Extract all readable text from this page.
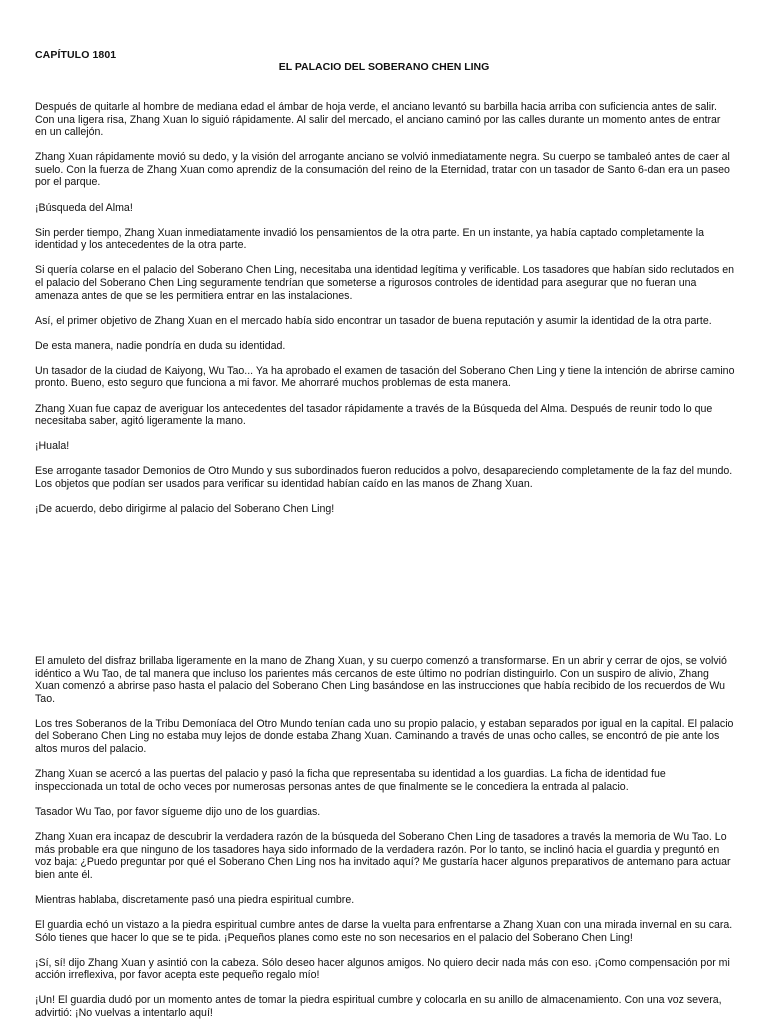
CAPÍTULO 1801
EL PALACIO DEL SOBERANO CHEN LING

Después de quitarle al hombre de mediana edad el ámbar de hoja verde, el anciano levantó su barbilla hacia arriba con suficiencia antes de salir. Con una ligera risa, Zhang Xuan lo siguió rápidamente. Al salir del mercado, el anciano caminó por las calles durante un momento antes de entrar en un callejón.

Zhang Xuan rápidamente movió su dedo, y la visión del arrogante anciano se volvió inmediatamente negra. Su cuerpo se tambaleó antes de caer al suelo. Con la fuerza de Zhang Xuan como aprendiz de la consumación del reino de la Eternidad, tratar con un tasador de Santo 6-dan era un paseo por el parque.

¡Búsqueda del Alma!

Sin perder tiempo, Zhang Xuan inmediatamente invadió los pensamientos de la otra parte. En un instante, ya había captado completamente la identidad y los antecedentes de la otra parte.

Si quería colarse en el palacio del Soberano Chen Ling, necesitaba una identidad legítima y verificable. Los tasadores que habían sido reclutados en el palacio del Soberano Chen Ling seguramente tendrían que someterse a rigurosos controles de identidad para asegurar que no fueran una amenaza antes de que se les permitiera entrar en las instalaciones.

Así, el primer objetivo de Zhang Xuan en el mercado había sido encontrar un tasador de buena reputación y asumir la identidad de la otra parte.

De esta manera, nadie pondría en duda su identidad.

Un tasador de la ciudad de Kaiyong, Wu Tao... Ya ha aprobado el examen de tasación del Soberano Chen Ling y tiene la intención de abrirse camino pronto. Bueno, esto seguro que funciona a mi favor. Me ahorraré muchos problemas de esta manera.

Zhang Xuan fue capaz de averiguar los antecedentes del tasador rápidamente a través de la Búsqueda del Alma. Después de reunir todo lo que necesitaba saber, agitó ligeramente la mano.

¡Huala!

Ese arrogante tasador Demonios de Otro Mundo y sus subordinados fueron reducidos a polvo, desapareciendo completamente de la faz del mundo. Los objetos que podían ser usados para verificar su identidad habían caído en las manos de Zhang Xuan.

¡De acuerdo, debo dirigirme al palacio del Soberano Chen Ling!

El amuleto del disfraz brillaba ligeramente en la mano de Zhang Xuan, y su cuerpo comenzó a transformarse. En un abrir y cerrar de ojos, se volvió idéntico a Wu Tao, de tal manera que incluso los parientes más cercanos de este último no podrían distinguirlo. Con un suspiro de alivio, Zhang Xuan comenzó a abrirse paso hasta el palacio del Soberano Chen Ling basándose en las instrucciones que había recibido de los recuerdos de Wu Tao.

Los tres Soberanos de la Tribu Demoníaca del Otro Mundo tenían cada uno su propio palacio, y estaban separados por igual en la capital. El palacio del Soberano Chen Ling no estaba muy lejos de donde estaba Zhang Xuan. Caminando a través de unas ocho calles, se encontró de pie ante los altos muros del palacio.

Zhang Xuan se acercó a las puertas del palacio y pasó la ficha que representaba su identidad a los guardias. La ficha de identidad fue inspeccionada un total de ocho veces por numerosas personas antes de que finalmente se le concediera la entrada al palacio.

Tasador Wu Tao, por favor sígueme dijo uno de los guardias.

Zhang Xuan era incapaz de descubrir la verdadera razón de la búsqueda del Soberano Chen Ling de tasadores a través la memoria de Wu Tao. Lo más probable era que ninguno de los tasadores haya sido informado de la verdadera razón. Por lo tanto, se inclinó hacia el guardia y preguntó en voz baja: ¿Puedo preguntar por qué el Soberano Chen Ling nos ha invitado aquí? Me gustaría hacer algunos preparativos de antemano para actuar bien ante él.

Mientras hablaba, discretamente pasó una piedra espiritual cumbre.

El guardia echó un vistazo a la piedra espiritual cumbre antes de darse la vuelta para enfrentarse a Zhang Xuan con una mirada invernal en su cara. Sólo tienes que hacer lo que se te pida. ¡Pequeños planes como este no son necesarios en el palacio del Soberano Chen Ling!

¡Sí, sí! dijo Zhang Xuan y asintió con la cabeza. Sólo deseo hacer algunos amigos. No quiero decir nada más con eso. ¡Como compensación por mi acción irreflexiva, por favor acepta este pequeño regalo mío!

¡Un! El guardia dudó por un momento antes de tomar la piedra espiritual cumbre y colocarla en su anillo de almacenamiento. Con una voz severa, advirtió: ¡No vuelvas a intentarlo aquí!
